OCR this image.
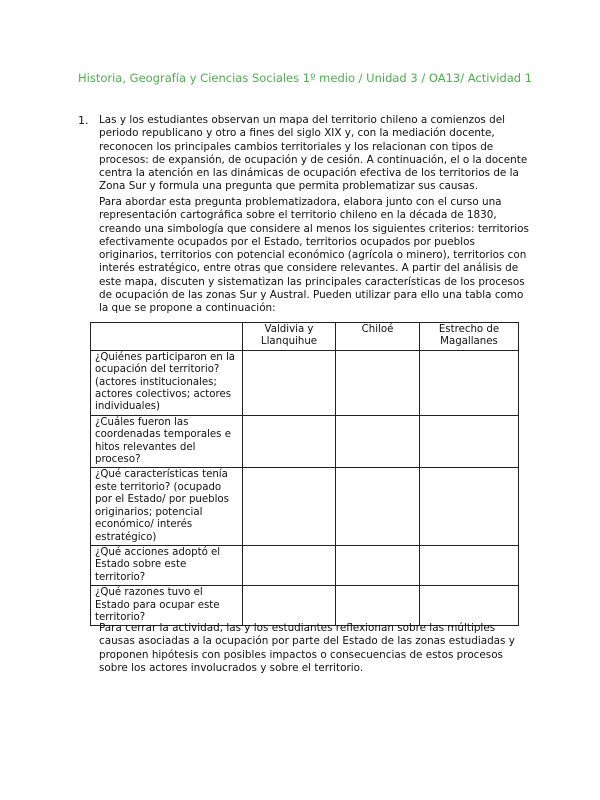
Historia, Geografía y Ciencias Sociales 1º medio / Unidad 3 / OA13/ Actividad 1
1. Las y los estudiantes observan un mapa del territorio chileno a comienzos del periodo republicano y otro a fines del siglo XIX y, con la mediación docente, reconocen los principales cambios territoriales y los relacionan con tipos de procesos: de expansión, de ocupación y de cesión. A continuación, el o la docente centra la atención en las dinámicas de ocupación efectiva de los territorios de la Zona Sur y formula una pregunta que permita problematizar sus causas.

Para abordar esta pregunta problematizadora, elabora junto con el curso una representación cartográfica sobre el territorio chileno en la década de 1830, creando una simbología que considere al menos los siguientes criterios: territorios efectivamente ocupados por el Estado, territorios ocupados por pueblos originarios, territorios con potencial económico (agrícola o minero), territorios con interés estratégico, entre otras que considere relevantes. A partir del análisis de este mapa, discuten y sistematizan las principales características de los procesos de ocupación de las zonas Sur y Austral. Pueden utilizar para ello una tabla como la que se propone a continuación:

	Valdivia y Llanquihue	Chiloé	Estrecho de Magallanes
¿Quiénes participaron en la ocupación del territorio? (actores institucionales; actores colectivos; actores individuales)			
¿Cuáles fueron las coordenadas temporales e hitos relevantes del proceso?			
¿Qué características tenía este territorio? (ocupado por el Estado/ por pueblos originarios; potencial económico/ interés estratégico)			
¿Qué acciones adoptó el Estado sobre este territorio?			
¿Qué razones tuvo el Estado para ocupar este territorio?			

Para cerrar la actividad, las y los estudiantes reflexionan sobre las múltiples causas asociadas a la ocupación por parte del Estado de las zonas estudiadas y proponen hipótesis con posibles impactos o consecuencias de estos procesos sobre los actores involucrados y sobre el territorio.
